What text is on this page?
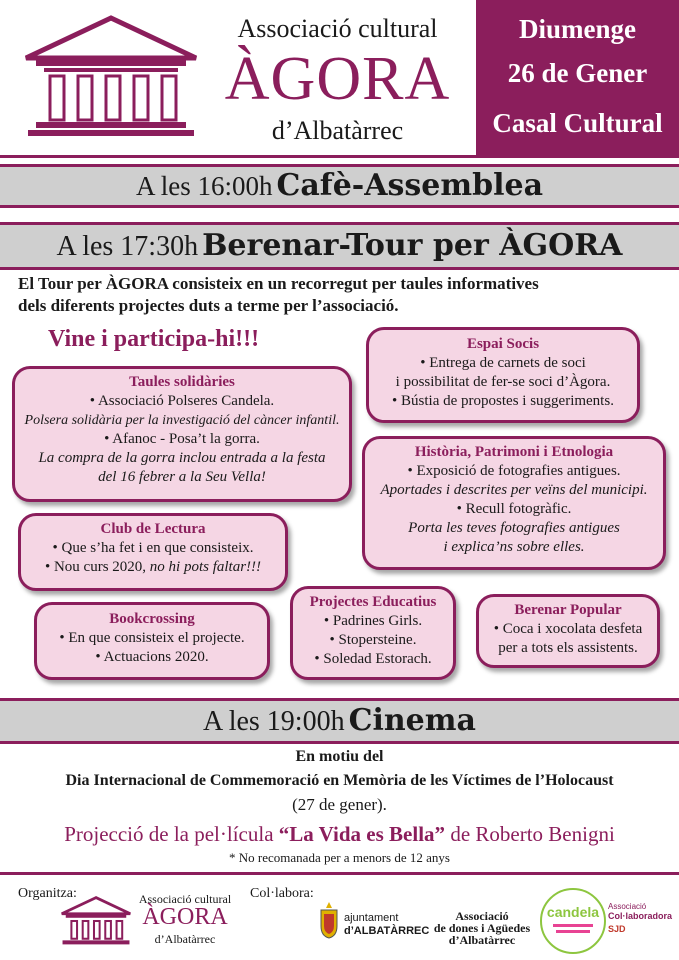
Associació cultural
ÀGORA
d’Albatàrrec
Diumenge
26 de Gener
Casal Cultural
A les 16:00h Cafè-Assemblea
A les 17:30h Berenar-Tour per ÀGORA
El Tour per ÀGORA consisteix en un recorregut per taules informatives
dels diferents projectes duts a terme per l’associació.
Vine i participa-hi!!!	Espai Socis
• Entrega de carnets de soci
i possibilitat de fer-se soci d’Àgora.
• Bústia de propostes i suggeriments.
Taules solidàries
• Associació Polseres Candela.
Polsera solidària per la investigació del càncer infantil.
• Afanoc - Posa’t la gorra.
La compra de la gorra inclou entrada a la festa
del 16 febrer a la Seu Vella!
Història, Patrimoni i Etnologia
• Exposició de fotografies antigues.
Aportades i descrites per veïns del municipi.
• Recull fotogràfic.
Porta les teves fotografies antigues
i explica’ns sobre elles.
Club de Lectura
• Que s’ha fet i en que consisteix.
• Nou curs 2020, no hi pots faltar!!!
Bookcrossing
• En que consisteix el projecte.
• Actuacions 2020.
Projectes Educatius
• Padrines Girls.
• Stopersteine.
• Soledad Estorach.
Berenar Popular
• Coca i xocolata desfeta
per a tots els assistents.
A les 19:00h Cinema
En motiu del
Dia Internacional de Commemoració en Memòria de les Víctimes de l’Holocaust
(27 de gener).
Projecció de la pel·lícula “La Vida es Bella” de Roberto Benigni
* No recomanada per a menors de 12 anys
Organitza:	Associació cultural
ÀGORA
d’Albatàrrec
Col·labora:
ajuntament
d’ALBATÀRREC
Associació
de dones i Agüedes
d’Albatàrrec
candela	Associació
Col·laboradora
SJD
